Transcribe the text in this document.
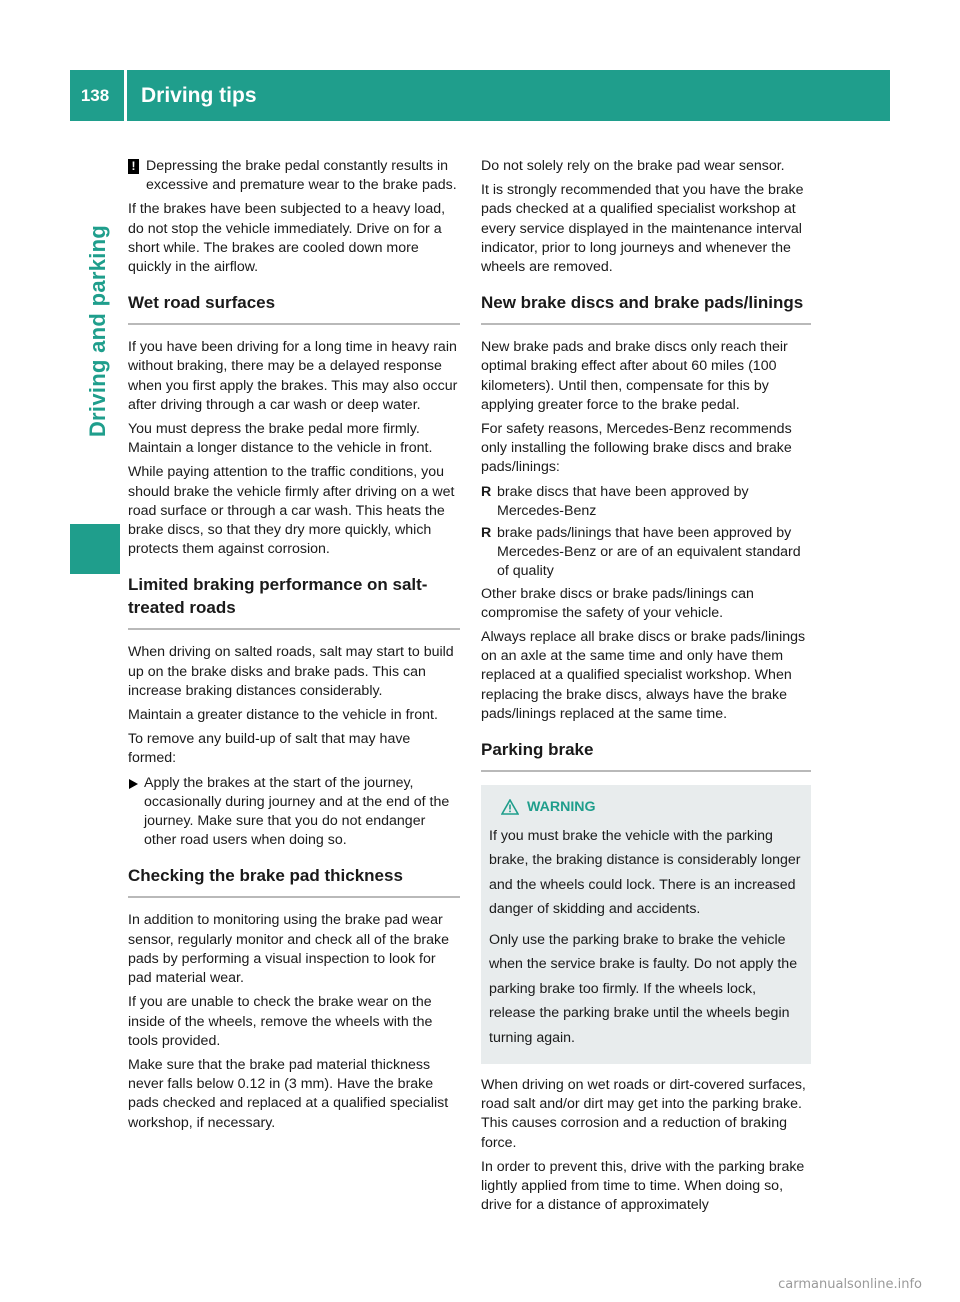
138	Driving tips
Driving and parking
! Depressing the brake pedal constantly results in excessive and premature wear to the brake pads.

If the brakes have been subjected to a heavy load, do not stop the vehicle immediately. Drive on for a short while. The brakes are cooled down more quickly in the airflow.

Wet road surfaces

If you have been driving for a long time in heavy rain without braking, there may be a delayed response when you first apply the brakes. This may also occur after driving through a car wash or deep water.

You must depress the brake pedal more firmly. Maintain a longer distance to the vehicle in front.

While paying attention to the traffic conditions, you should brake the vehicle firmly after driving on a wet road surface or through a car wash. This heats the brake discs, so that they dry more quickly, which protects them against corrosion.

Limited braking performance on salt-treated roads

When driving on salted roads, salt may start to build up on the brake disks and brake pads. This can increase braking distances considerably.

Maintain a greater distance to the vehicle in front.

To remove any build-up of salt that may have formed:

Apply the brakes at the start of the journey, occasionally during journey and at the end of the journey. Make sure that you do not endanger other road users when doing so.
Checking the brake pad thickness

In addition to monitoring using the brake pad wear sensor, regularly monitor and check all of the brake pads by performing a visual inspection to look for pad material wear.

If you are unable to check the brake wear on the inside of the wheels, remove the wheels with the tools provided.

Make sure that the brake pad material thickness never falls below 0.12 in (3 mm). Have the brake pads checked and replaced at a qualified specialist workshop, if necessary.

Do not solely rely on the brake pad wear sensor.

It is strongly recommended that you have the brake pads checked at a qualified specialist workshop at every service displayed in the maintenance interval indicator, prior to long journeys and whenever the wheels are removed.

New brake discs and brake pads/linings

New brake pads and brake discs only reach their optimal braking effect after about 60 miles (100 kilometers). Until then, compensate for this by applying greater force to the brake pedal.

For safety reasons, Mercedes-Benz recommends only installing the following brake discs and brake pads/linings:

R brake discs that have been approved by Mercedes-Benz
R brake pads/linings that have been approved by Mercedes-Benz or are of an equivalent standard of quality

Other brake discs or brake pads/linings can compromise the safety of your vehicle.

Always replace all brake discs or brake pads/linings on an axle at the same time and only have them replaced at a qualified specialist workshop. When replacing the brake discs, always have the brake pads/linings replaced at the same time.

Parking brake
WARNING

If you must brake the vehicle with the parking brake, the braking distance is considerably longer and the wheels could lock. There is an increased danger of skidding and accidents.

Only use the parking brake to brake the vehicle when the service brake is faulty. Do not apply the parking brake too firmly. If the wheels lock, release the parking brake until the wheels begin turning again.

When driving on wet roads or dirt-covered surfaces, road salt and/or dirt may get into the parking brake. This causes corrosion and a reduction of braking force.

In order to prevent this, drive with the parking brake lightly applied from time to time. When doing so, drive for a distance of approximately

carmanualsonline.info
